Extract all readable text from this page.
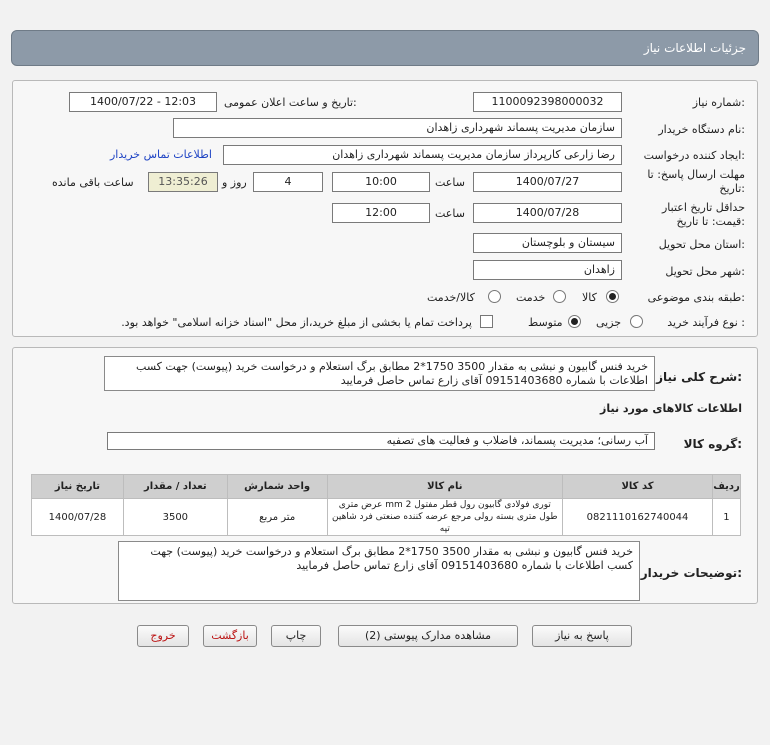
جزئیات اطلاعات نیاز
شماره نیاز:
1100092398000032
تاریخ و ساعت اعلان عمومی:
1400/07/22 - 12:03
نام دستگاه خریدار:
سازمان مدیریت پسماند شهرداری زاهدان
ایجاد کننده درخواست:
رضا زارعی کارپرداز سازمان مدیریت پسماند شهرداری زاهدان
اطلاعات تماس خریدار
مهلت ارسال پاسخ: تا
تاریخ:
1400/07/27
ساعت
10:00
4
روز و
13:35:26
ساعت باقی مانده
حداقل تاریخ اعتبار
قیمت: تا تاریخ:
1400/07/28
ساعت
12:00
استان محل تحویل:
سیستان و بلوچستان
شهر محل تحویل:
زاهدان
طبقه بندی موضوعی:
کالا
خدمت
کالا/خدمت
نوع فرآیند خرید :
جزیی
متوسط
پرداخت تمام یا بخشی از مبلغ خرید،از محل "اسناد خزانه اسلامی" خواهد بود.
شرح کلی نیاز:
خرید فنس گابیون و نبشی به مقدار 3500 1750*2 مطابق برگ استعلام و درخواست خرید (پیوست) جهت کسب اطلاعات با شماره 09151403680 آقای زارع تماس حاصل فرمایید
اطلاعات کالاهای مورد نیاز
گروه کالا:
آب رسانی؛ مدیریت پسماند، فاضلاب و فعالیت های تصفیه
تاریخ نیاز	تعداد / مقدار	واحد شمارش	نام کالا	کد کالا	ردیف
1400/07/28	3500	متر مربع	توری فولادی گابیون رول قطر مفتول 2 mm عرض متری طول متری بسته رولی مرجع عرضه کننده صنعتی فرد شاهین تپه	0821110162740044	1
توضیحات خریدار:
خرید فنس گابیون و نبشی به مقدار 3500 1750*2 مطابق برگ استعلام و درخواست خرید (پیوست) جهت کسب اطلاعات با شماره 09151403680 آقای زارع تماس حاصل فرمایید
پاسخ به نیاز
مشاهده مدارک پیوستی (2)
چاپ
بازگشت
خروج
